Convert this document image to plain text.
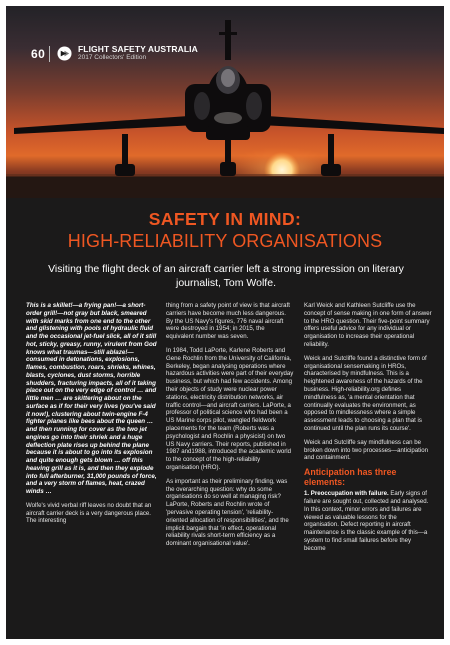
60	FLIGHT SAFETY AUSTRALIA
2017 Collectors' Edition
SAFETY IN MIND:
HIGH-RELIABILITY ORGANISATIONS
Visiting the flight deck of an aircraft carrier left a strong impression on literary journalist, Tom Wolfe.

This is a skillet!—a frying pan!—a short-order grill!—not gray but black, smeared with skid marks from one end to the other and glistening with pools of hydraulic fluid and the occasional jet-fuel slick, all of it still hot, sticky, greasy, runny, virulent from God knows what traumas—still ablaze!—consumed in detonations, explosions, flames, combustion, roars, shrieks, whines, blasts, cyclones, dust storms, horrible shudders, fracturing impacts, all of it taking place out on the very edge of control … and little men … are skittering about on the surface as if for their very lives (you've said it now!), clustering about twin-engine F-4 fighter planes like bees about the queen … and then running for cover as the two jet engines go into their shriek and a huge deflection plate rises up behind the plane because it is about to go into its explosion and quite enough gets blown … off this heaving grill as it is, and then they explode into full afterburner, 31,000 pounds of force, and a very storm of flames, heat, crazed winds …

Wolfe's vivid verbal riff leaves no doubt that an aircraft carrier deck is a very dangerous place. The interesting

thing from a safety point of view is that aircraft carriers have become much less dangerous. By the US Navy's figures, 776 naval aircraft were destroyed in 1954; in 2015, the equivalent number was seven.

In 1984, Todd LaPorte, Karlene Roberts and Gene Rochlin from the University of California, Berkeley, began analysing operations where hazardous activities were part of their everyday business, but which had few accidents. Among their objects of study were nuclear power stations, electricity distribution networks, air traffic control—and aircraft carriers. LaPorte, a professor of political science who had been a US Marine corps pilot, wangled fieldwork placements for the team (Roberts was a psychologist and Rochlin a physicist) on two US Navy carriers. Their reports, published in 1987 and1988, introduced the academic world to the concept of the high-reliability organisation (HRO).

As important as their preliminary finding, was the overarching question: why do some organisations do so well at managing risk? LaPorte, Roberts and Rochlin wrote of 'pervasive operating tension', 'reliability-oriented allocation of responsibilities', and the implicit bargain that 'in effect, operational reliability rivals short-term efficiency as a dominant organisational value'.

Karl Weick and Kathleen Sutcliffe use the concept of sense making in one form of answer to the HRO question. Their five-point summary offers useful advice for any individual or organisation to increase their operational reliability.

Weick and Sutcliffe found a distinctive form of organisational sensemaking in HROs, characterised by mindfulness. This is a heightened awareness of the hazards of the business. High-reliability.org defines mindfulness as, 'a mental orientation that continually evaluates the environment, as opposed to mindlessness where a simple assessment leads to choosing a plan that is continued until the plan runs its course'.

Weick and Sutcliffe say mindfulness can be broken down into two processes—anticipation and containment.

Anticipation has three elements:

1. Preoccupation with failure. Early signs of failure are sought out, collected and analysed. In this context, minor errors and failures are viewed as valuable lessons for the organisation. Defect reporting in aircraft maintenance is the classic example of this—a system to find small failures before they become
